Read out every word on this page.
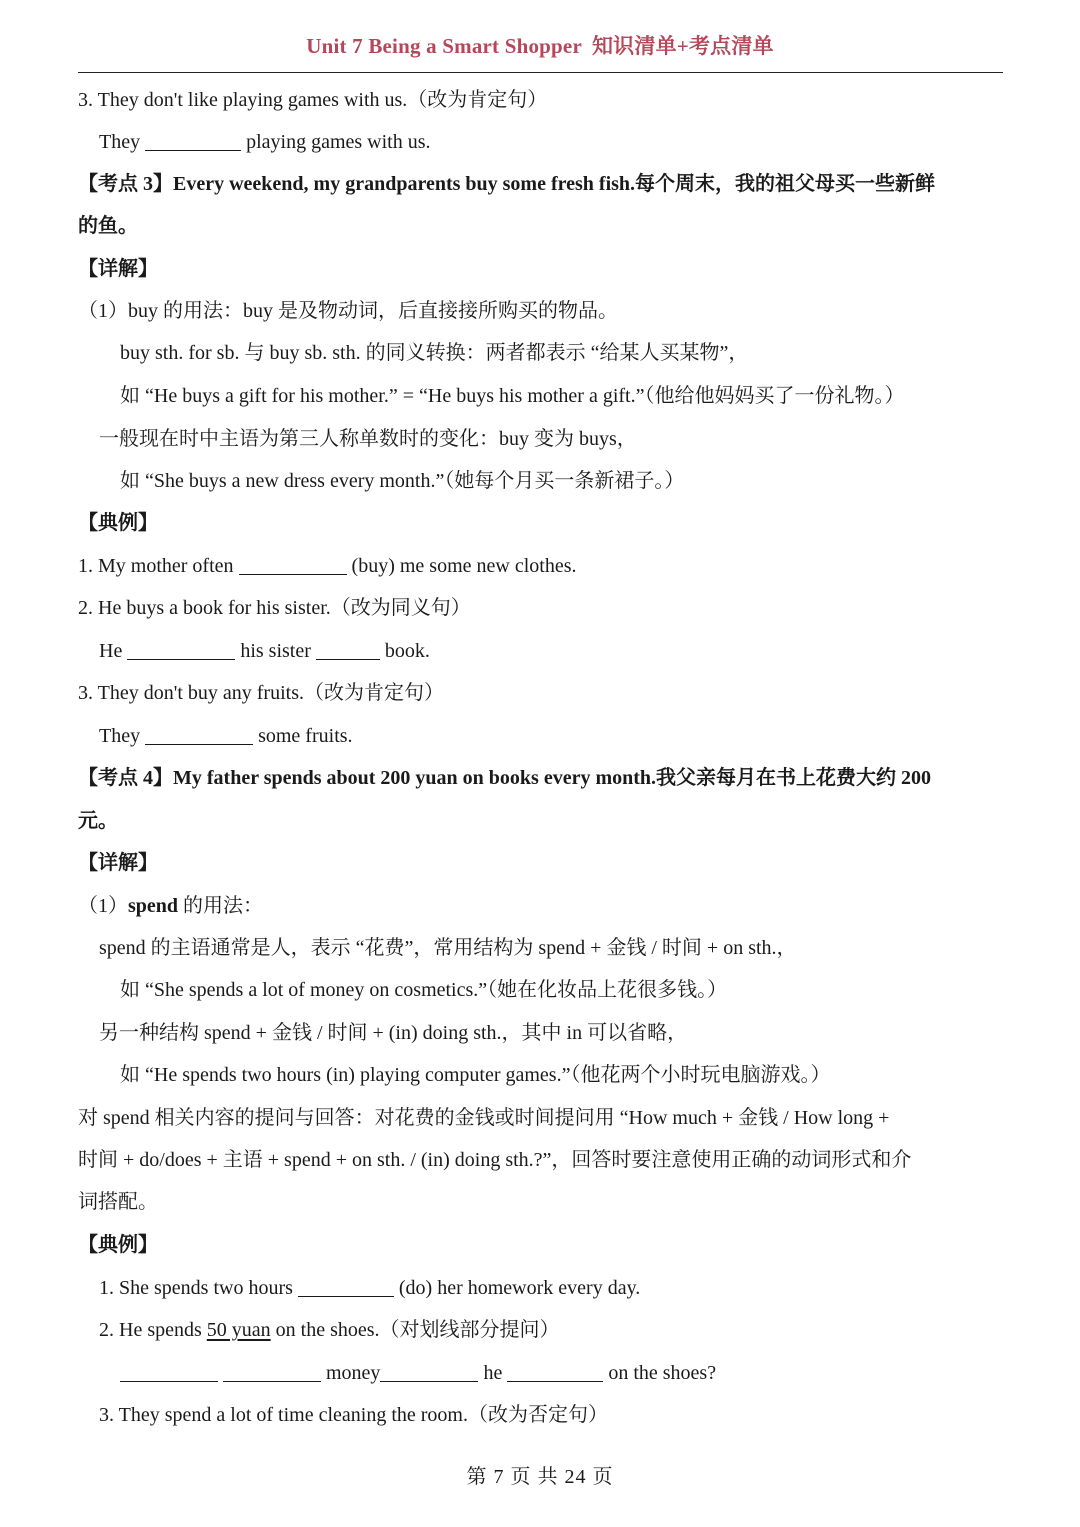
Unit 7 Being a Smart Shopper 知识清单+考点清单
3. They don't like playing games with us.（改为肯定句）
They	playing games with us.
【考点 3】Every weekend, my grandparents buy some fresh fish.每个周末，我的祖父母买一些新鲜
的鱼。
【详解】
（1）buy 的用法：buy 是及物动词，后直接接所购买的物品。
buy sth. for sb. 与 buy sb. sth. 的同义转换：两者都表示 “给某人买某物”，
如 “He buys a gift for his mother.” = “He buys his mother a gift.”（他给他妈妈买了一份礼物。）
一般现在时中主语为第三人称单数时的变化：buy 变为 buys，
如 “She buys a new dress every month.”（她每个月买一条新裙子。）
【典例】
1. My mother often	(buy) me some new clothes.
2. He buys a book for his sister.（改为同义句）
He	his sister	book.
3. They don't buy any fruits.（改为肯定句）
They	some fruits.
【考点 4】My father spends about 200 yuan on books every month.我父亲每月在书上花费大约 200
元。
【详解】
（1）spend 的用法：
spend 的主语通常是人，表示 “花费”，常用结构为 spend + 金钱 / 时间 + on sth.，
如 “She spends a lot of money on cosmetics.”（她在化妆品上花很多钱。）
另一种结构 spend + 金钱 / 时间 + (in) doing sth.，其中 in 可以省略，
如 “He spends two hours (in) playing computer games.”（他花两个小时玩电脑游戏。）
对 spend 相关内容的提问与回答：对花费的金钱或时间提问用 “How much + 金钱 / How long +
时间 + do/does + 主语 + spend + on sth. / (in) doing sth.?”，回答时要注意使用正确的动词形式和介
词搭配。
【典例】
1. She spends two hours	(do) her homework every day.
2. He spends 50 yuan on the shoes.（对划线部分提问）
money	he	on the shoes?
3. They spend a lot of time cleaning the room.（改为否定句）
第 7 页 共 24 页
